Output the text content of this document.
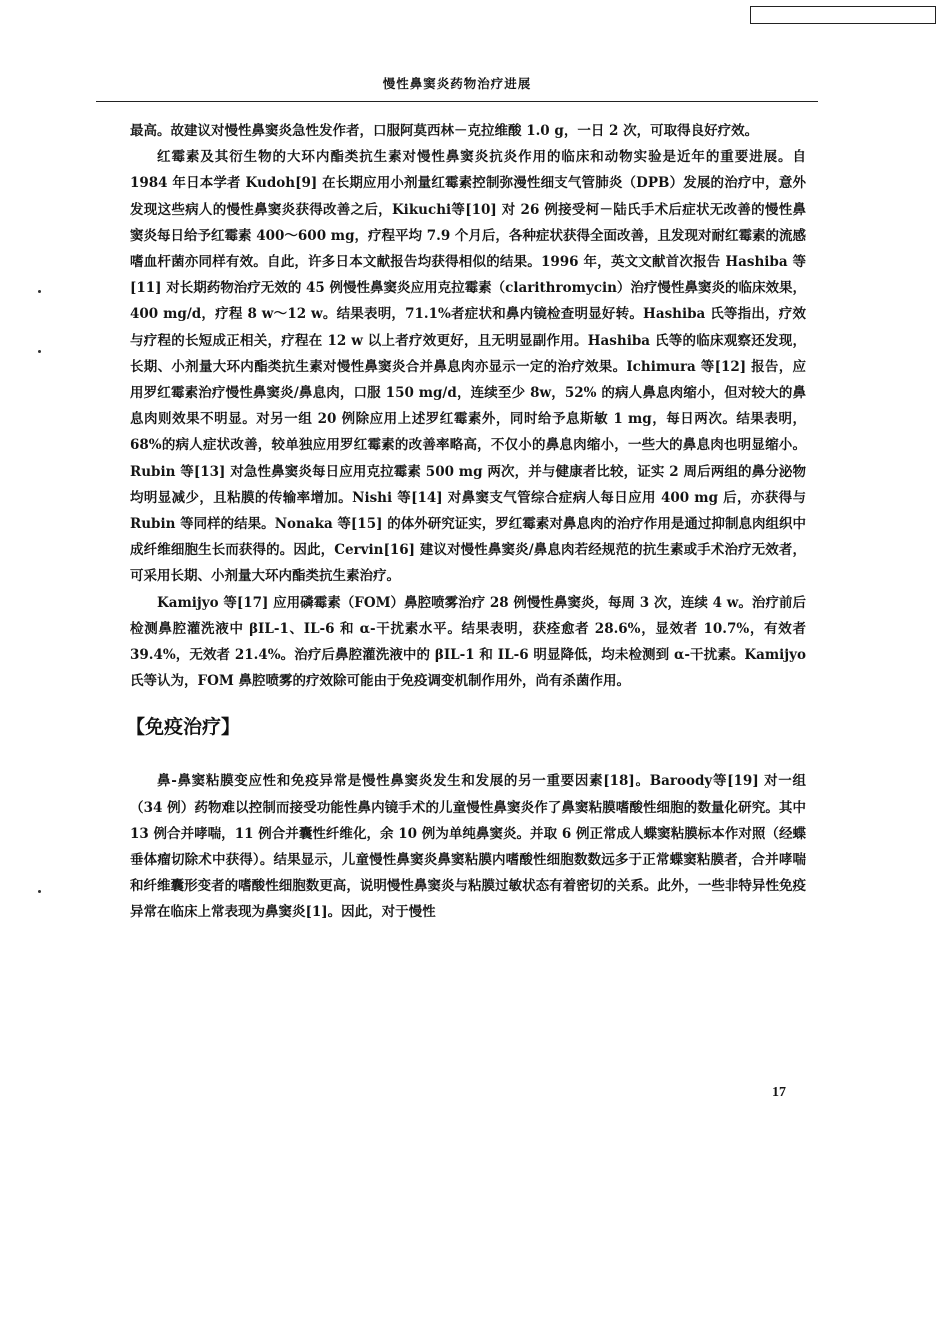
慢性鼻窦炎药物治疗进展

最高。故建议对慢性鼻窦炎急性发作者，口服阿莫西林－克拉维酸 1.0 g，一日 2 次，可取得良好疗效。

红霉素及其衍生物的大环内酯类抗生素对慢性鼻窦炎抗炎作用的临床和动物实验是近年的重要进展。自 1984 年日本学者 Kudoh[9] 在长期应用小剂量红霉素控制弥漫性细支气管肺炎（DPB）发展的治疗中，意外发现这些病人的慢性鼻窦炎获得改善之后，Kikuchi等[10] 对 26 例接受柯－陆氏手术后症状无改善的慢性鼻窦炎每日给予红霉素 400～600 mg，疗程平均 7.9 个月后，各种症状获得全面改善，且发现对耐红霉素的流感嗜血杆菌亦同样有效。自此，许多日本文献报告均获得相似的结果。1996 年，英文文献首次报告 Hashiba 等[11] 对长期药物治疗无效的 45 例慢性鼻窦炎应用克拉霉素（clarithromycin）治疗慢性鼻窦炎的临床效果，400 mg/d，疗程 8 w～12 w。结果表明，71.1%者症状和鼻内镜检查明显好转。Hashiba 氏等指出，疗效与疗程的长短成正相关，疗程在 12 w 以上者疗效更好，且无明显副作用。Hashiba 氏等的临床观察还发现，长期、小剂量大环内酯类抗生素对慢性鼻窦炎合并鼻息肉亦显示一定的治疗效果。Ichimura 等[12] 报告，应用罗红霉素治疗慢性鼻窦炎/鼻息肉，口服 150 mg/d，连续至少 8w，52% 的病人鼻息肉缩小，但对较大的鼻息肉则效果不明显。对另一组 20 例除应用上述罗红霉素外，同时给予息斯敏 1 mg，每日两次。结果表明，68%的病人症状改善，较单独应用罗红霉素的改善率略高，不仅小的鼻息肉缩小，一些大的鼻息肉也明显缩小。Rubin 等[13] 对急性鼻窦炎每日应用克拉霉素 500 mg 两次，并与健康者比较，证实 2 周后两组的鼻分泌物均明显减少，且粘膜的传输率增加。Nishi 等[14] 对鼻窦支气管综合症病人每日应用 400 mg 后，亦获得与 Rubin 等同样的结果。Nonaka 等[15] 的体外研究证实，罗红霉素对鼻息肉的治疗作用是通过抑制息肉组织中成纤维细胞生长而获得的。因此，Cervin[16] 建议对慢性鼻窦炎/鼻息肉若经规范的抗生素或手术治疗无效者，可采用长期、小剂量大环内酯类抗生素治疗。

Kamijyo 等[17] 应用磷霉素（FOM）鼻腔喷雾治疗 28 例慢性鼻窦炎，每周 3 次，连续 4 w。治疗前后检测鼻腔灌洗液中 βIL-1、IL-6 和 α-干扰素水平。结果表明，获痊愈者 28.6%，显效者 10.7%，有效者 39.4%，无效者 21.4%。治疗后鼻腔灌洗液中的 βIL-1 和 IL-6 明显降低，均未检测到 α-干扰素。Kamijyo 氏等认为，FOM 鼻腔喷雾的疗效除可能由于免疫调变机制作用外，尚有杀菌作用。

【免疫治疗】

鼻-鼻窦粘膜变应性和免疫异常是慢性鼻窦炎发生和发展的另一重要因素[18]。Baroody等[19] 对一组（34 例）药物难以控制而接受功能性鼻内镜手术的儿童慢性鼻窦炎作了鼻窦粘膜嗜酸性细胞的数量化研究。其中 13 例合并哮喘，11 例合并囊性纤维化，余 10 例为单纯鼻窦炎。并取 6 例正常成人蝶窦粘膜标本作对照（经蝶垂体瘤切除术中获得）。结果显示，儿童慢性鼻窦炎鼻窦粘膜内嗜酸性细胞数数远多于正常蝶窦粘膜者，合并哮喘和纤维囊形变者的嗜酸性细胞数更高，说明慢性鼻窦炎与粘膜过敏状态有着密切的关系。此外，一些非特异性免疫异常在临床上常表现为鼻窦炎[1]。因此，对于慢性

17
